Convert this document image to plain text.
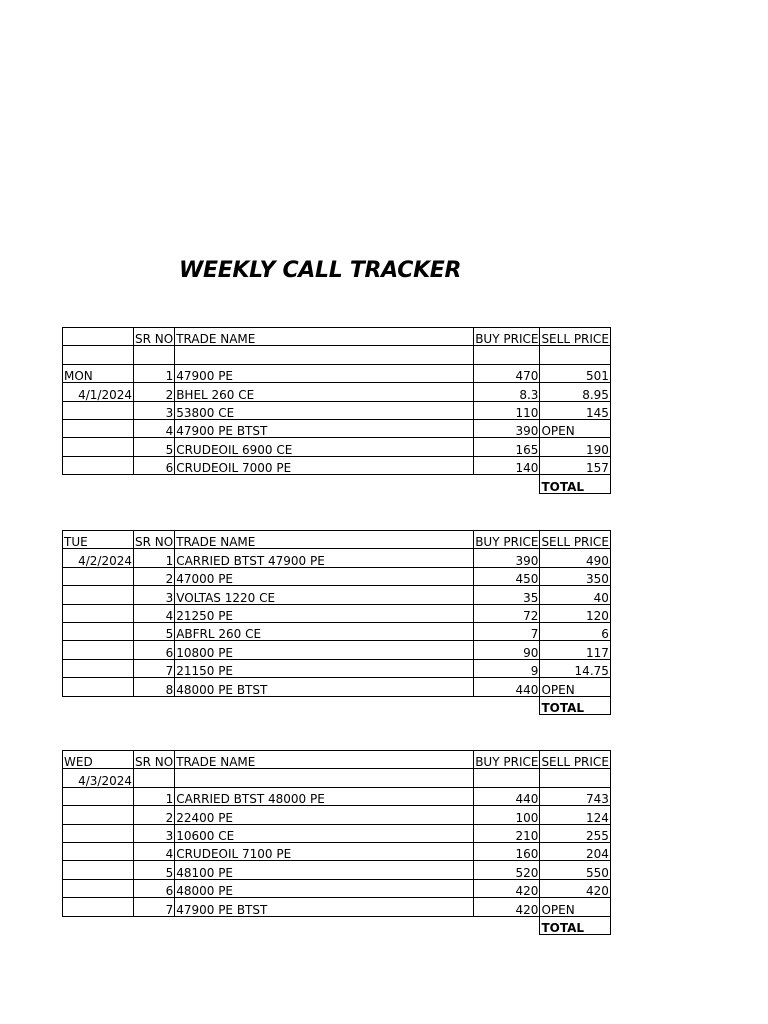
WEEKLY CALL TRACKER
	SR NO	TRADE NAME	BUY PRICE	SELL PRICE

MON	1	47900 PE	470	501
4/1/2024	2	BHEL 260 CE	8.3	8.95
	3	53800 CE	110	145
	4	47900 PE BTST	390	OPEN
	5	CRUDEOIL 6900 CE	165	190
	6	CRUDEOIL 7000 PE	140	157
				TOTAL
TUE	SR NO	TRADE NAME	BUY PRICE	SELL PRICE
4/2/2024	1	CARRIED BTST 47900 PE	390	490
	2	47000 PE	450	350
	3	VOLTAS 1220 CE	35	40
	4	21250 PE	72	120
	5	ABFRL 260 CE	7	6
	6	10800 PE	90	117
	7	21150 PE	9	14.75
	8	48000 PE BTST	440	OPEN
				TOTAL
WED	SR NO	TRADE NAME	BUY PRICE	SELL PRICE
4/3/2024				
	1	CARRIED BTST 48000 PE	440	743
	2	22400 PE	100	124
	3	10600 CE	210	255
	4	CRUDEOIL 7100 PE	160	204
	5	48100 PE	520	550
	6	48000 PE	420	420
	7	47900 PE BTST	420	OPEN
				TOTAL
